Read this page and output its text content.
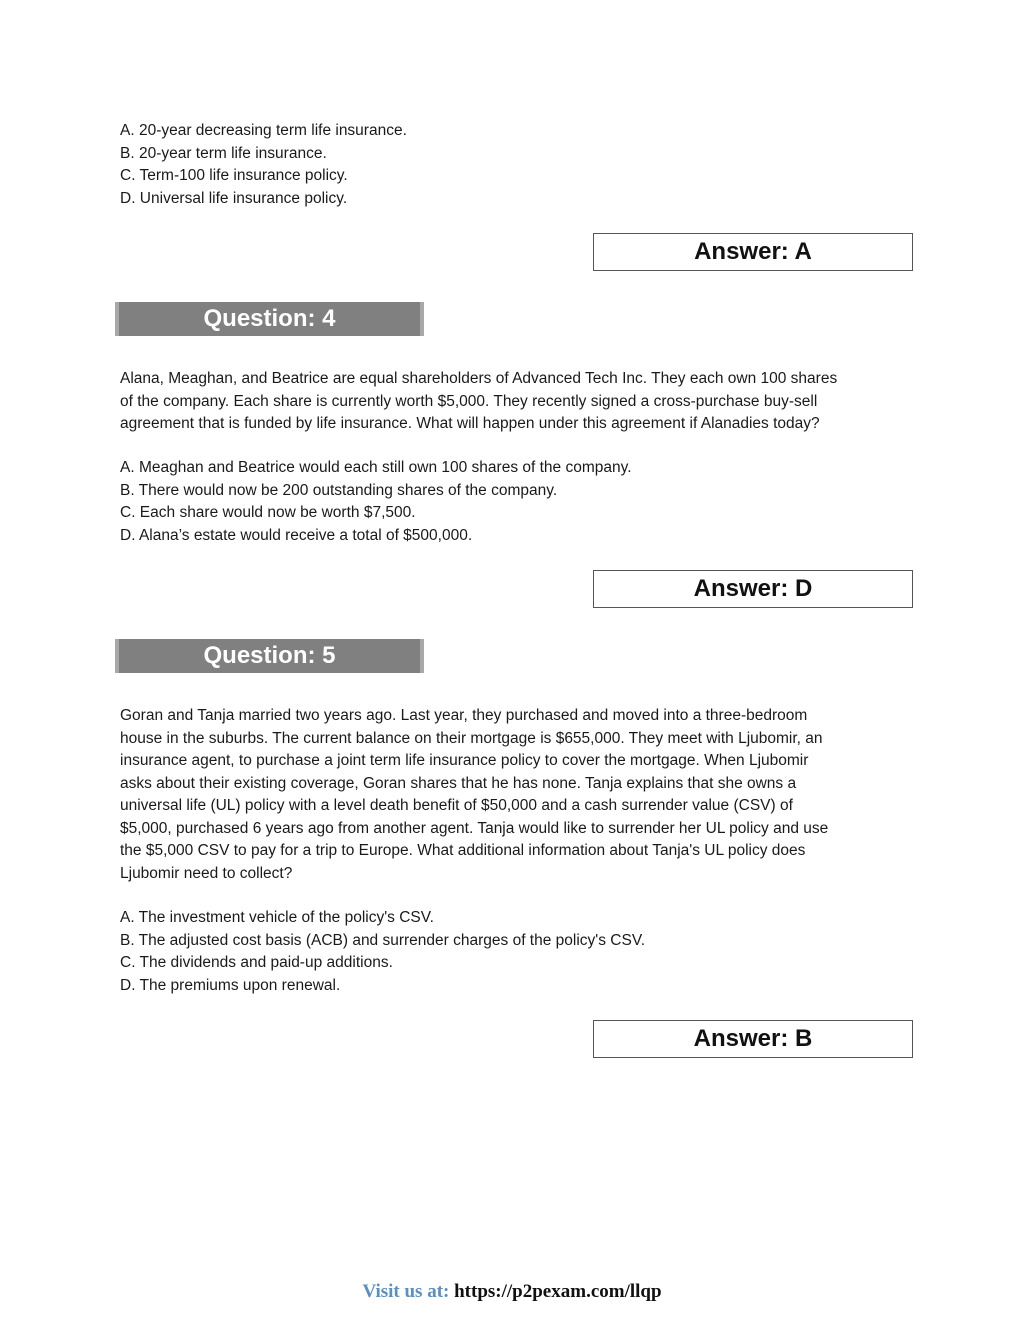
A. 20-year decreasing term life insurance.
B. 20-year term life insurance.
C. Term-100 life insurance policy.
D. Universal life insurance policy.
Answer: A
Question: 4
Alana, Meaghan, and Beatrice are equal shareholders of Advanced Tech Inc. They each own 100 shares
of the company. Each share is currently worth $5,000. They recently signed a cross-purchase buy-sell
agreement that is funded by life insurance. What will happen under this agreement if Alanadies today?
A. Meaghan and Beatrice would each still own 100 shares of the company.
B. There would now be 200 outstanding shares of the company.
C. Each share would now be worth $7,500.
D. Alana’s estate would receive a total of $500,000.
Answer: D
Question: 5
Goran and Tanja married two years ago. Last year, they purchased and moved into a three-bedroom
house in the suburbs. The current balance on their mortgage is $655,000. They meet with Ljubomir, an
insurance agent, to purchase a joint term life insurance policy to cover the mortgage. When Ljubomir
asks about their existing coverage, Goran shares that he has none. Tanja explains that she owns a
universal life (UL) policy with a level death benefit of $50,000 and a cash surrender value (CSV) of
$5,000, purchased 6 years ago from another agent. Tanja would like to surrender her UL policy and use
the $5,000 CSV to pay for a trip to Europe. What additional information about Tanja's UL policy does
Ljubomir need to collect?
A. The investment vehicle of the policy's CSV.
B. The adjusted cost basis (ACB) and surrender charges of the policy's CSV.
C. The dividends and paid-up additions.
D. The premiums upon renewal.
Answer: B
Visit us at: https://p2pexam.com/llqp
